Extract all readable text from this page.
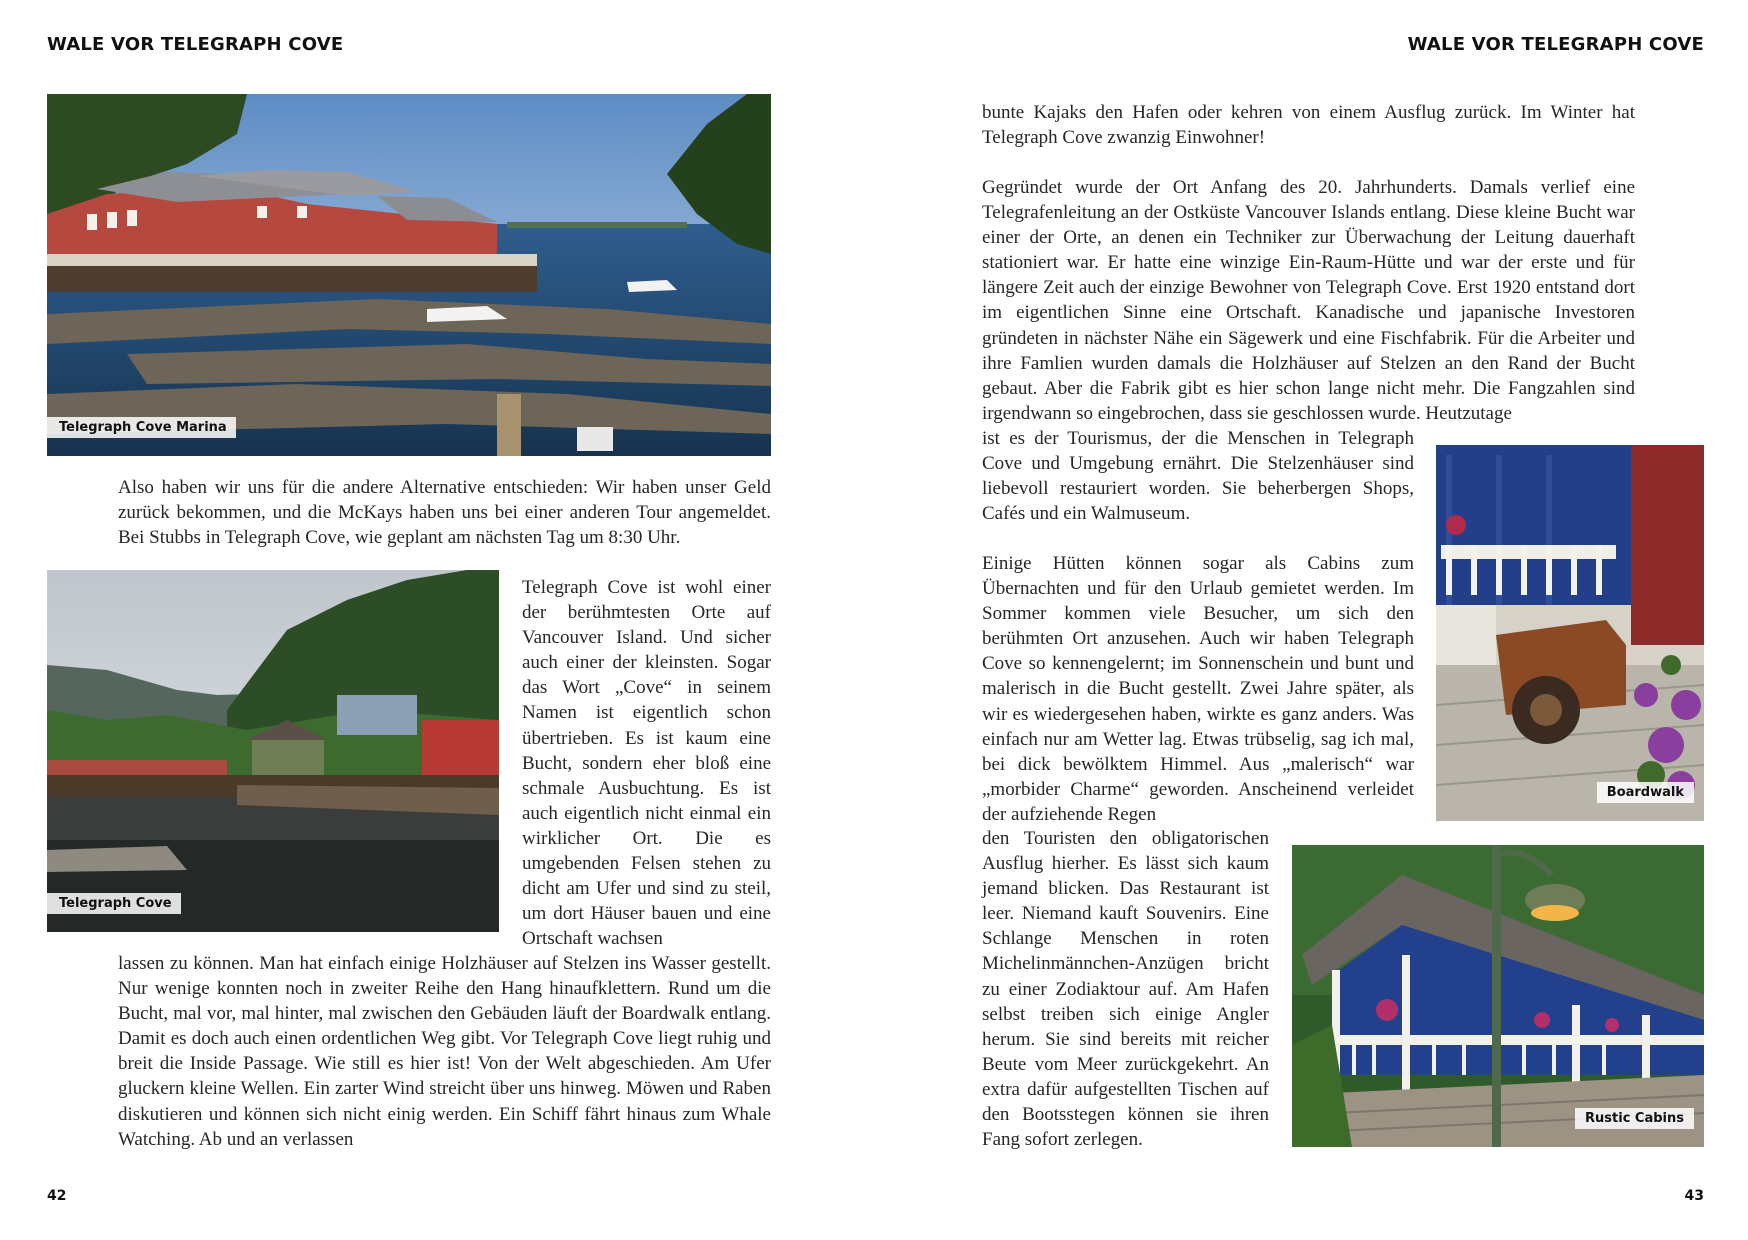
WALE VOR TELEGRAPH COVE
Telegraph Cove Marina

Also haben wir uns für die andere Alternative entschieden: Wir haben unser Geld zurück bekommen, und die McKays haben uns bei einer anderen Tour angemeldet. Bei Stubbs in Telegraph Cove, wie geplant am nächsten Tag um 8:30 Uhr.

Telegraph Cove

Telegraph Cove ist wohl einer der berühmtesten Orte auf Vancouver Island. Und sicher auch einer der kleinsten. Sogar das Wort „Cove“ in seinem Namen ist eigentlich schon übertrieben. Es ist kaum eine Bucht, sondern eher bloß eine schmale Ausbuchtung. Es ist auch eigentlich nicht einmal ein wirklicher Ort. Die es umgebenden Felsen stehen zu dicht am Ufer und sind zu steil, um dort Häuser bauen und eine Ortschaft wachsen

lassen zu können. Man hat einfach einige Holzhäuser auf Stelzen ins Wasser gestellt. Nur wenige konnten noch in zweiter Reihe den Hang hinaufklettern. Rund um die Bucht, mal vor, mal hinter, mal zwischen den Gebäuden läuft der Boardwalk entlang. Damit es doch auch einen ordentlichen Weg gibt. Vor Telegraph Cove liegt ruhig und breit die Inside Passage. Wie still es hier ist! Von der Welt abgeschieden. Am Ufer gluckern kleine Wellen. Ein zarter Wind streicht über uns hinweg. Möwen und Raben diskutieren und können sich nicht einig werden. Ein Schiff fährt hinaus zum Whale Watching. Ab und an verlassen

42
WALE VOR TELEGRAPH COVE

bunte Kajaks den Hafen oder kehren von einem Ausflug zurück. Im Winter hat Telegraph Cove zwanzig Einwohner!

Gegründet wurde der Ort Anfang des 20. Jahrhunderts. Damals verlief eine Telegrafenleitung an der Ostküste Vancouver Islands entlang. Diese kleine Bucht war einer der Orte, an denen ein Techniker zur Überwachung der Leitung dauerhaft stationiert war. Er hatte eine winzige Ein-Raum-Hütte und war der erste und für längere Zeit auch der einzige Bewohner von Telegraph Cove. Erst 1920 entstand dort im eigentlichen Sinne eine Ortschaft. Kanadische und japanische Investoren gründeten in nächster Nähe ein Sägewerk und eine Fischfabrik. Für die Arbeiter und ihre Famlien wurden damals die Holzhäuser auf Stelzen an den Rand der Bucht gebaut. Aber die Fabrik gibt es hier schon lange nicht mehr. Die Fangzahlen sind irgendwann so eingebrochen, dass sie geschlossen wurde. Heutzutage

ist es der Tourismus, der die Menschen in Telegraph Cove und Umgebung ernährt. Die Stelzenhäuser sind liebevoll restauriert worden. Sie beherbergen Shops, Cafés und ein Walmuseum.

Boardwalk

Einige Hütten können sogar als Cabins zum Übernachten und für den Urlaub gemietet werden. Im Sommer kommen viele Besucher, um sich den berühmten Ort anzusehen. Auch wir haben Telegraph Cove so kennengelernt; im Sonnenschein und bunt und malerisch in die Bucht gestellt. Zwei Jahre später, als wir es wiedergesehen haben, wirkte es ganz anders. Was einfach nur am Wetter lag. Etwas trübselig, sag ich mal, bei dick bewölktem Himmel. Aus „malerisch“ war „morbider Charme“ geworden. Anscheinend verleidet der aufziehende Regen

den Touristen den obligatorischen Ausflug hierher. Es lässt sich kaum jemand blicken. Das Restaurant ist leer. Niemand kauft Souvenirs. Eine Schlange Menschen in roten Michelinmännchen-Anzügen bricht zu einer Zodiaktour auf. Am Hafen selbst treiben sich einige Angler herum. Sie sind bereits mit reicher Beute vom Meer zurückgekehrt. An extra dafür aufgestellten Tischen auf den Bootsstegen können sie ihren Fang sofort zerlegen.

Rustic Cabins
43
